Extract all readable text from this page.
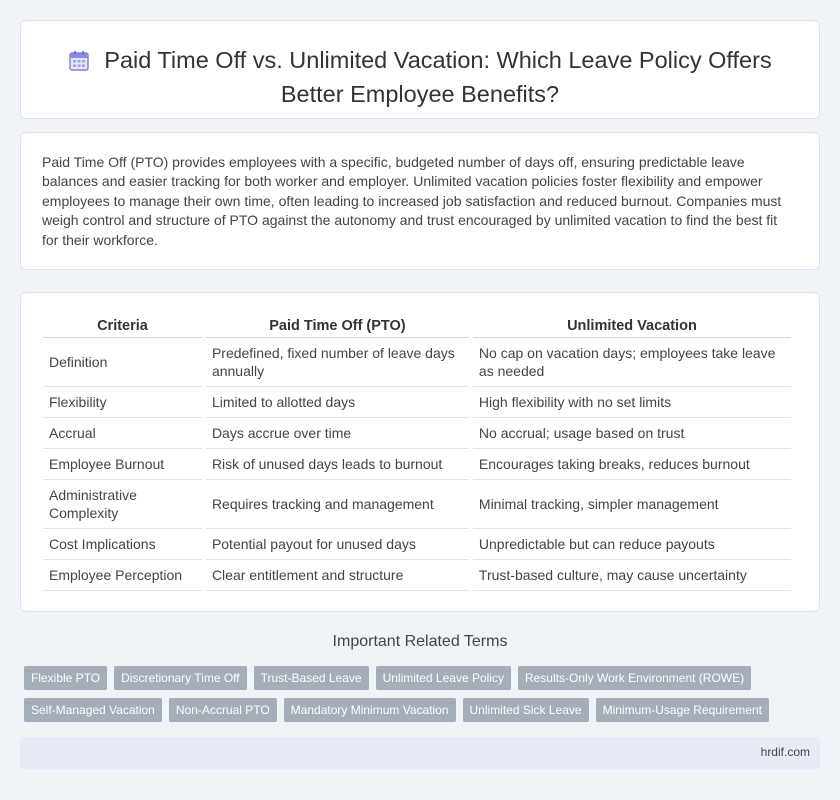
Paid Time Off vs. Unlimited Vacation: Which Leave Policy Offers
Better Employee Benefits?

Paid Time Off (PTO) provides employees with a specific, budgeted number of days off, ensuring predictable leave balances and easier tracking for both worker and employer. Unlimited vacation policies foster flexibility and empower employees to manage their own time, often leading to increased job satisfaction and reduced burnout. Companies must weigh control and structure of PTO against the autonomy and trust encouraged by unlimited vacation to find the best fit for their workforce.

Criteria	Paid Time Off (PTO)	Unlimited Vacation
Definition	Predefined, fixed number of leave days annually	No cap on vacation days; employees take leave as needed
Flexibility	Limited to allotted days	High flexibility with no set limits
Accrual	Days accrue over time	No accrual; usage based on trust
Employee Burnout	Risk of unused days leads to burnout	Encourages taking breaks, reduces burnout
Administrative Complexity	Requires tracking and management	Minimal tracking, simpler management
Cost Implications	Potential payout for unused days	Unpredictable but can reduce payouts
Employee Perception	Clear entitlement and structure	Trust-based culture, may cause uncertainty
Important Related Terms
Flexible PTO Discretionary Time Off Trust-Based Leave Unlimited Leave Policy Results-Only Work Environment (ROWE)
Self-Managed Vacation Non-Accrual PTO Mandatory Minimum Vacation Unlimited Sick Leave Minimum-Usage Requirement
hrdif.com
